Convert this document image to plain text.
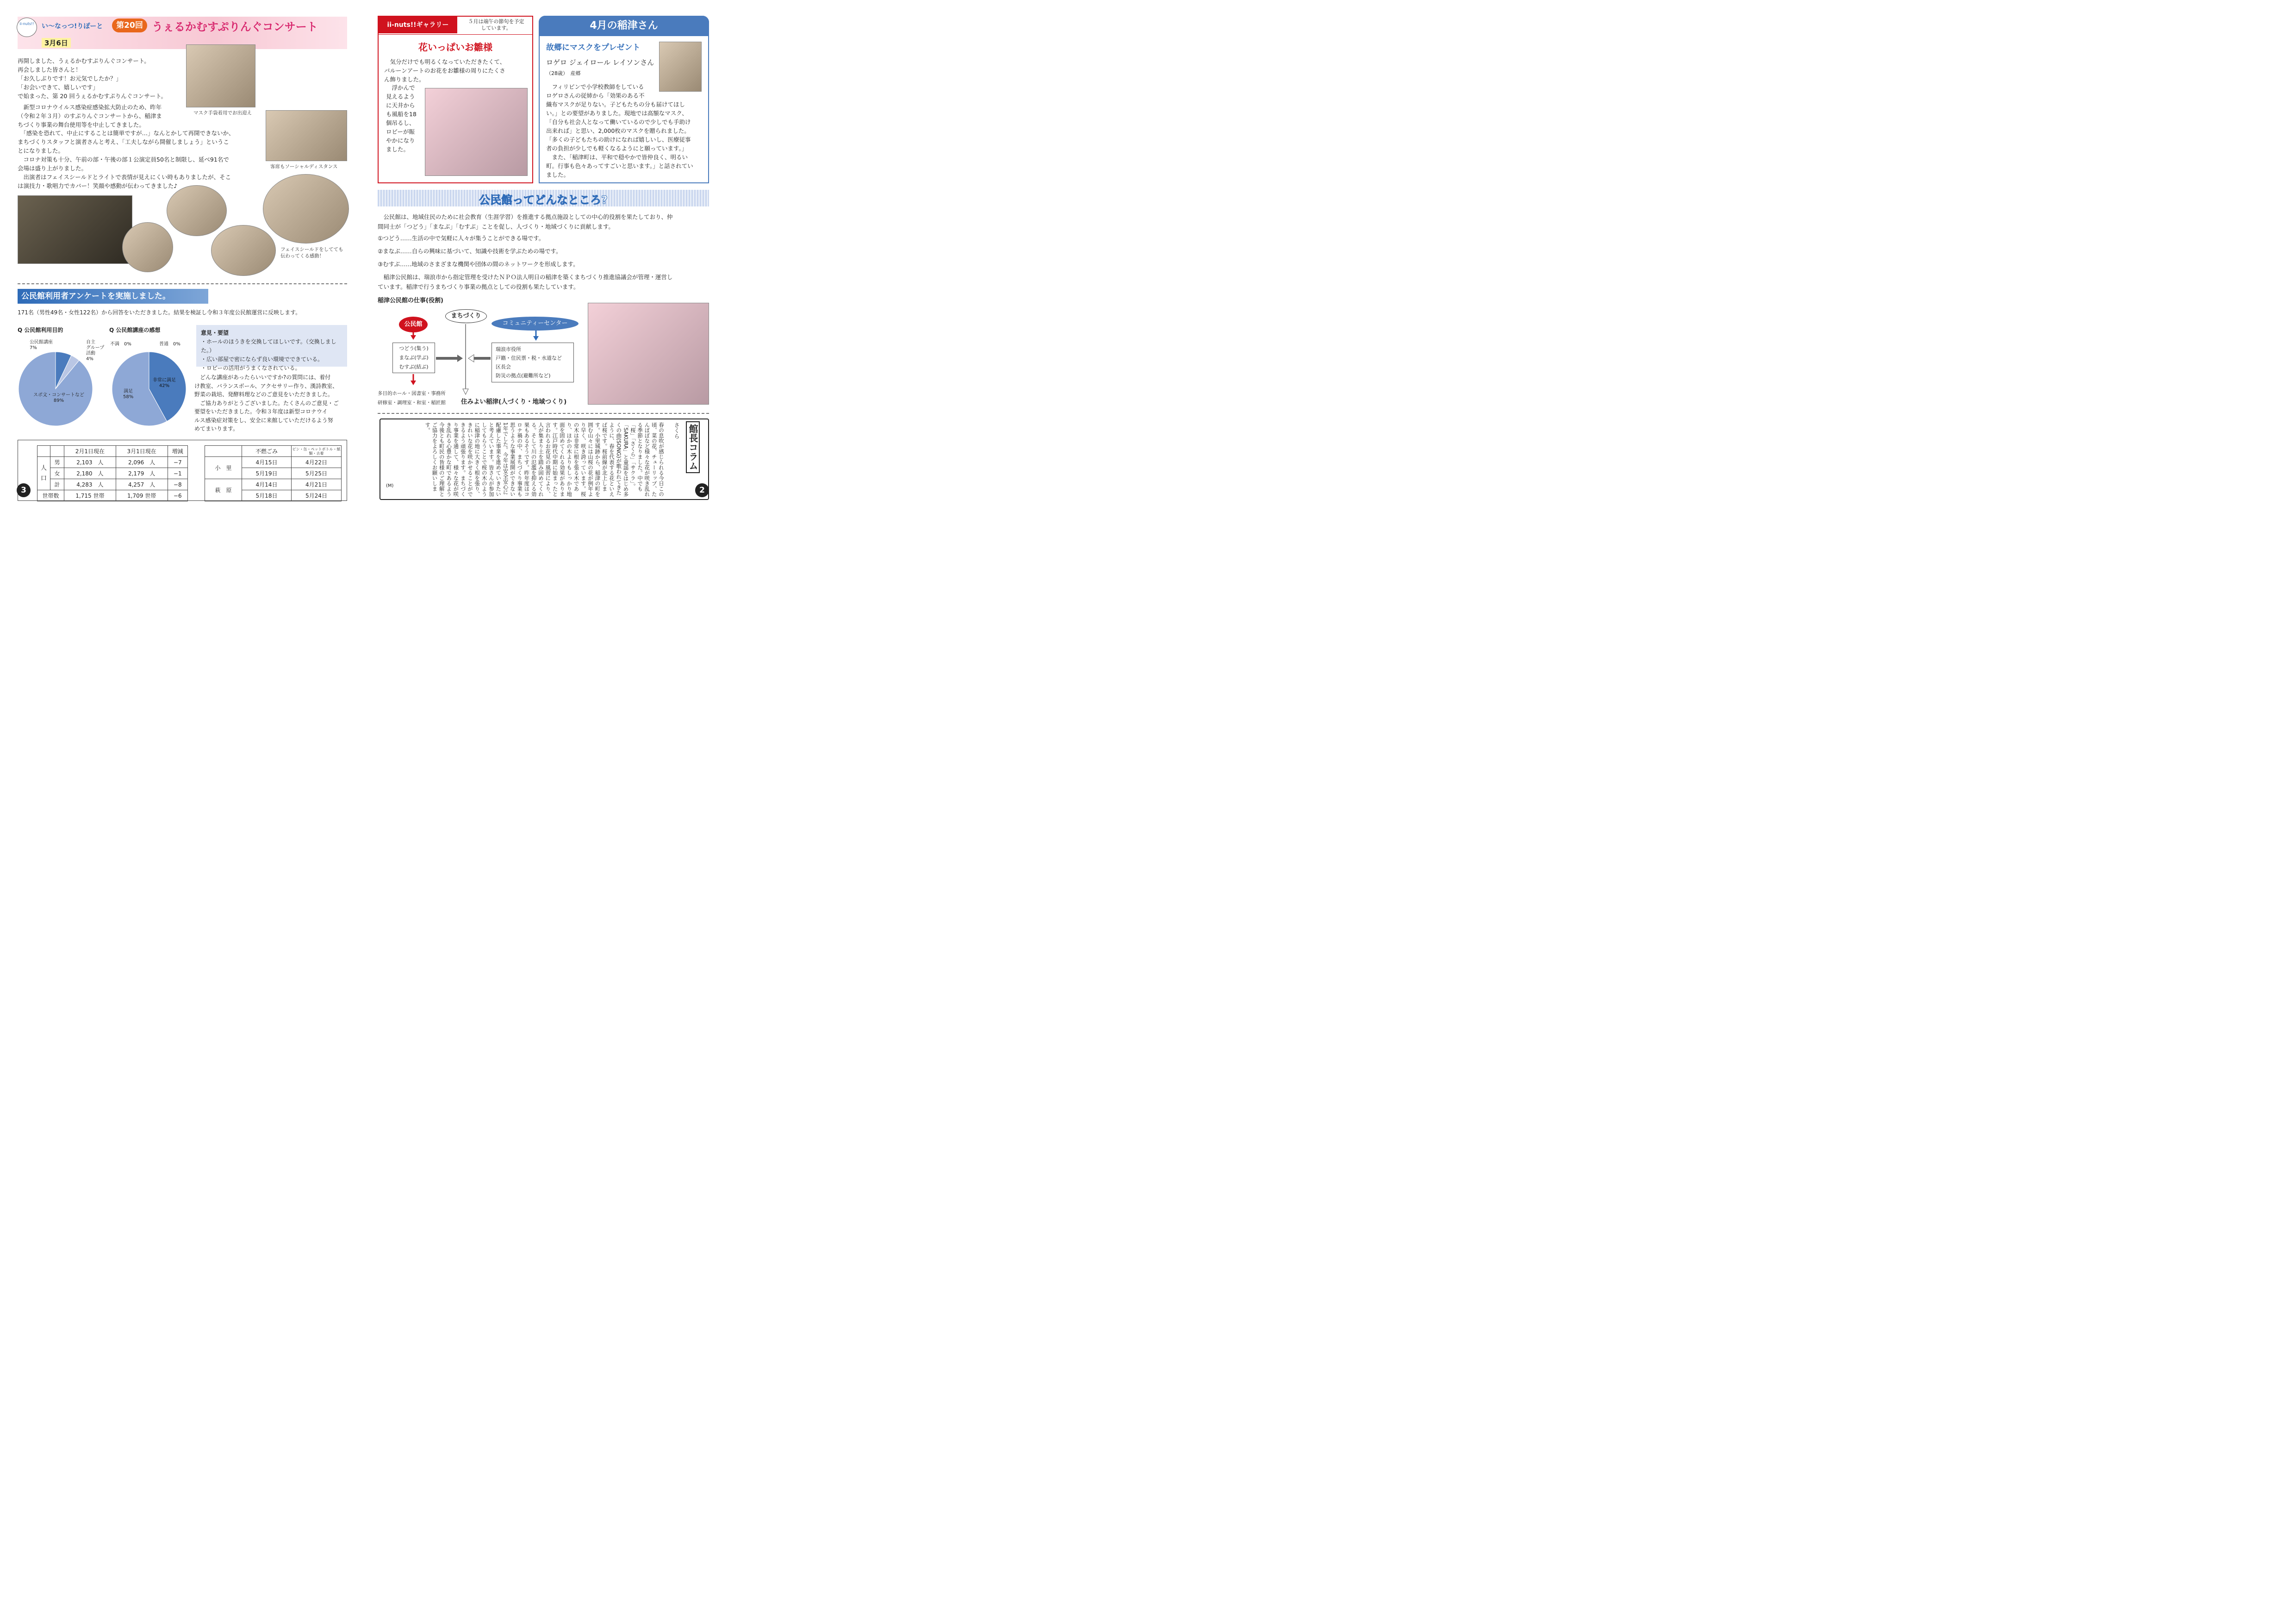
ii-nuts!!	い〜なっつ!りぽーと	第20回 うぇるかむすぷりんぐコンサート
3月6日
再開しました、うぇるかむすぷりんぐコンサート。
再会しました皆さんと！
「お久しぶりです！お元気でしたか？」
「お会いできて、嬉しいです」
で始まった、第 20 回うぇるかむすぷりんぐコンサート。
　新型コロナウイルス感染症感染拡大防止のため、昨年
（令和２年３月）のすぷりんぐコンサートから、稲津ま
ちづくり事業の舞台使用等を中止してきました。
　「感染を恐れて、中止にすることは簡単ですが…」なんとかして再開できないか、
まちづくりスタッフと演者さんと考え、「工夫しながら開催しましょう」というこ
とになりました。
　コロナ対策も十分、午前の部・午後の部１公演定員50名と制限し、延べ91名で
会場は盛り上がりました。
　出演者はフェイスシールドとライトで表情が見えにくい時もありましたが、そこ
は演技力・歌唱力でカバー！笑顔や感動が伝わってきました♪
マスク手袋着用でお出迎え
客席もソーシャルディスタンス
フェイスシールドをしてても
伝わってくる感動！
公民館利用者アンケートを実施しました。
171名（男性49名・女性122名）から回答をいただきました。結果を検証し令和３年度公民館運営に反映します。
Q 公民館利用目的	Q 公民館講座の感想
公民館講座
7%
自主
グループ
活動
4%
スポ文・コンサートなど
89%
不満　0%	普通　0%
非常に満足
42%
満足
58%
意見・要望
・ホールのほうきを交換してほしいです。（交換しました。）
・広い部屋で密にならず良い環境でできている。
・ロビーの活用がうまくなされている。
　どんな講座があったらいいですか?の質問には、着付
け教室、バランスボール、アクセサリー作り、漢詩教室、
野菜の栽培、発酵料理などのご意見をいただきました。
　ご協力ありがとうございました。たくさんのご意見・ご
要望をいただきました。令和３年度は新型コロナウイ
ルス感染症対策をし、安全に来館していただけるよう努
めてまいります。
		2月1日現在	3月1日現在	増減
人
口	男	2,103　人	2,096　人	−7
	女	2,180　人	2,179　人	−1
	計	4,283　人	4,257　人	−8
世帯数		1,715 世帯	1,709 世帯	−6
	不燃ごみ	ビン・缶・ペットボトル・紙類・古着
小　里	4月15日	4月22日
	5月19日	5月25日
萩　原	4月14日	4月21日
	5月18日	5月24日
3
ii-nuts!!ギャラリー	５月は端午の節句を予定
しています。
花いっぱいお雛様
　気分だけでも明るくなっていただきたくて、
バルーンアートのお花をお雛様の周りにたくさ
ん飾りました。
　浮かんで
見えるよう
に天井から
も風船を18
個吊るし、
ロビーが賑
やかになり
ました。
4月の稲津さん
故郷にマスクをプレゼント
ロゲロ ジェイロール レイソンさん
（28歳）　産郷
　フィリピンで小学校教師をしている
ロゲロさんの従姉から「効果のある不
織布マスクが足りない。子どもたちの分も届けてほし
い。」との要望がありました。現地では高額なマスク、
「自分も社会人となって働いているので少しでも手助け
出来れば」と思い、2,000枚のマスクを贈られました。
「多くの子どもたちの助けになれば嬉しいし、医療従事
者の負担が少しでも軽くなるようにと願っています。」
　また、「稲津町は、平和で穏やかで皆仲良く、明るい
町。行事も色々あってすごいと思います。」と話されてい
ました。
公民館ってどんなところ?
　公民館は、地域住民のために社会教育（生涯学習）を推進する拠点施設としての中心的役割を果たしており、仲
間同士が「つどう」「まなぶ」「むすぶ」ことを促し、人づくり・地域づくりに貢献します。
①つどう……生活の中で気軽に人々が集うことができる場です。
②まなぶ……自らの興味に基づいて、知識や技術を学ぶための場です。
③むすぶ……地域のさまざまな機関や団体の間のネットワークを形成します。
　稲津公民館は、瑞浪市から指定管理を受けたＮＰＯ法人明日の稲津を築くまちづくり推進協議会が管理・運営し
ています。稲津で行うまちづくり事業の拠点としての役割も果たしています。
稲津公民館の仕事(役割)
公民館
まちづくり
コミュニティーセンター
つどう(集う)
まなぶ(学ぶ)
むすぶ(結ぶ)
瑞浪市役所
戸籍・住民票・税・水道など
区長会
防災の拠点(避難所など)
多目的ホール・図書室・事務所
研修室・調理室・和室・稲匠館 住みよい稲津(人づくり・地域つくり)
館長コラム
さくら
春の息吹が感じられる今日この頃、菜の花、チューリップ、たんぽぽなど様々な花が咲き乱れる季節となりました。中でも「桜」「さくら」「サクラ」。「SAKURA」と童謡をはじめ多くの曲(SONG)が歌われてきたように、春を代表する花といえば桜です。桜前線が北上します。小里城跡から、稲津の町を囲む山々には山桜の花が例年より早く、咲き誇っています。桜の木は非常に根を張る木であり、ほかの木よりもしっかり地面を固めてくれる効果があります。江戸時代中期に始まったと言われるお花見の風習により、人が集まり土を踏み固めてくれる。そして川の氾濫を抑える効果もあるそうです。昨年度はコロナ禍の中、まちづくり事業も思うような事業展開ができない1年でした。今年は安全安心に配慮した事業を進めていきたいと考えています。皆さんが参加してもらうことで桜の木のように稲津の地に大きく根を張り、きれいな花を咲かせることができるよう頑張ります。まちづくり事業を通して、様々な花が咲き乱れる心豊かな町であるよう今後とも町民の皆様のご理解とご協力をよろしくお願いします。
(M)	2
